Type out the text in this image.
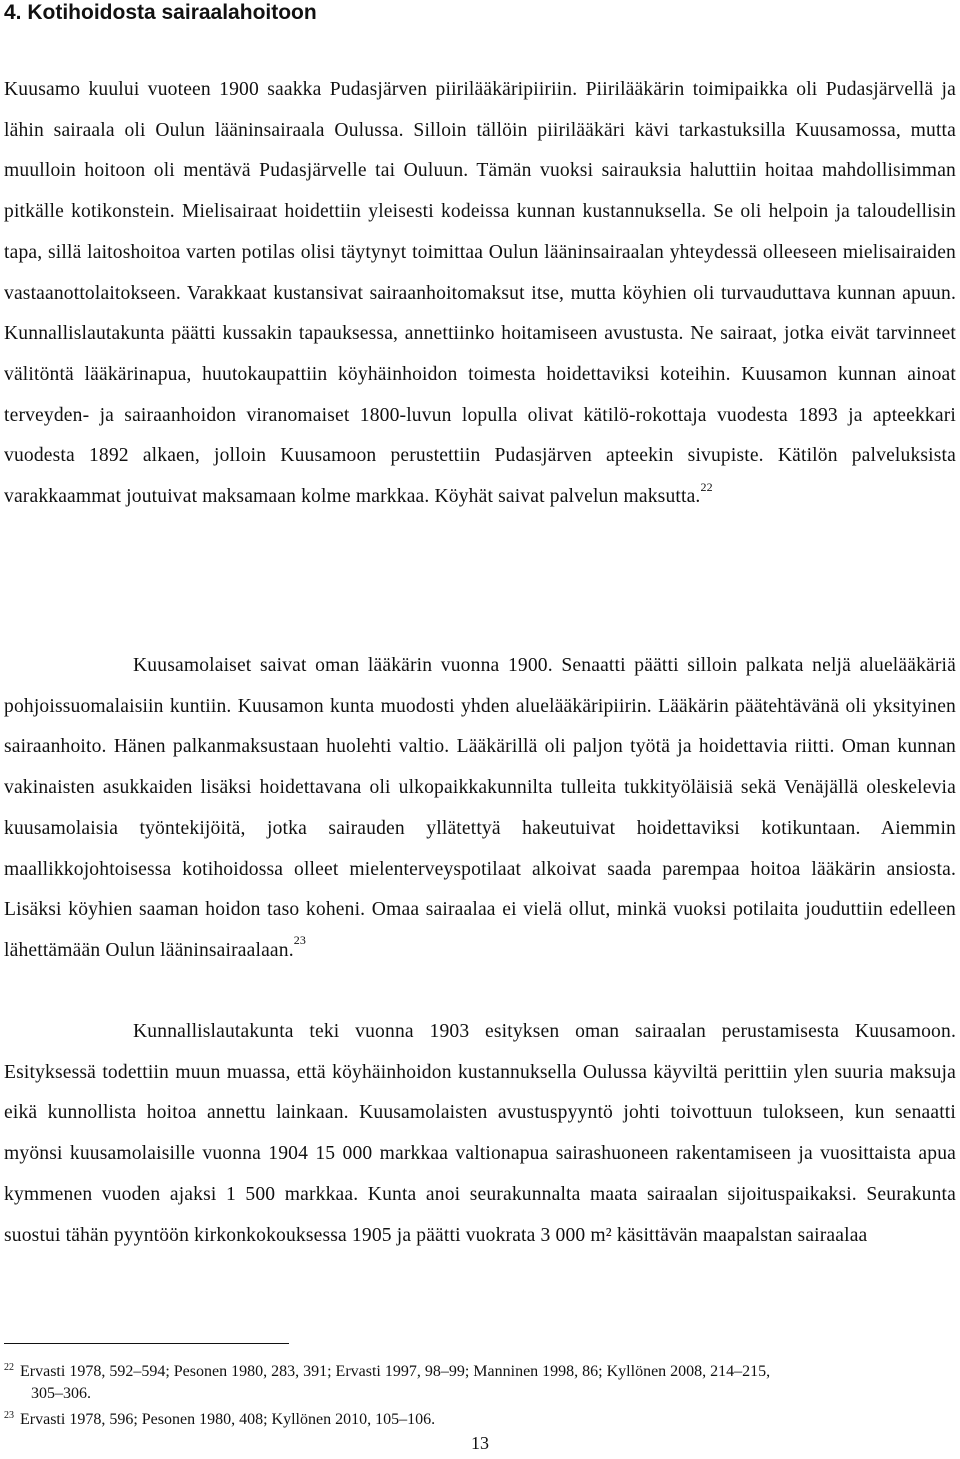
4. Kotihoidosta sairaalahoitoon

Kuusamo kuului vuoteen 1900 saakka Pudasjärven piirilääkäripiiriin. Piirilääkärin toimipaikka oli Pudasjärvellä ja lähin sairaala oli Oulun lääninsairaala Oulussa. Silloin tällöin piirilääkäri kävi tarkastuksilla Kuusamossa, mutta muulloin hoitoon oli mentävä Pudasjärvelle tai Ouluun. Tämän vuoksi sairauksia haluttiin hoitaa mahdollisimman pitkälle kotikonstein. Mielisairaat hoidettiin yleisesti kodeissa kunnan kustannuksella. Se oli helpoin ja taloudellisin tapa, sillä laitoshoitoa varten potilas olisi täytynyt toimittaa Oulun lääninsairaalan yhteydessä olleeseen mielisairaiden vastaanottolaitokseen. Varakkaat kustansivat sairaanhoitomaksut itse, mutta köyhien oli turvauduttava kunnan apuun. Kunnallislautakunta päätti kussakin tapauksessa, annettiinko hoitamiseen avustusta. Ne sairaat, jotka eivät tarvinneet välitöntä lääkärinapua, huutokaupattiin köyhäinhoidon toimesta hoidettaviksi koteihin. Kuusamon kunnan ainoat terveyden- ja sairaanhoidon viranomaiset 1800-luvun lopulla olivat kätilö-rokottaja vuodesta 1893 ja apteekkari vuodesta 1892 alkaen, jolloin Kuusamoon perustettiin Pudasjärven apteekin sivupiste. Kätilön palveluksista varakkaammat joutuivat maksamaan kolme markkaa. Köyhät saivat palvelun maksutta.$^{22}$

Kuusamolaiset saivat oman lääkärin vuonna 1900. Senaatti päätti silloin palkata neljä aluelääkäriä pohjoissuomalaisiin kuntiin. Kuusamon kunta muodosti yhden aluelääkäripiirin. Lääkärin päätehtävänä oli yksityinen sairaanhoito. Hänen palkanmaksustaan huolehti valtio. Lääkärillä oli paljon työtä ja hoidettavia riitti. Oman kunnan vakinaisten asukkaiden lisäksi hoidettavana oli ulkopaikkakunnilta tulleita tukkityöläisiä sekä Venäjällä oleskelevia kuusamolaisia työntekijöitä, jotka sairauden yllätettyä hakeutuivat hoidettaviksi kotikuntaan. Aiemmin maallikkojohtoisessa kotihoidossa olleet mielenterveyspotilaat alkoivat saada parempaa hoitoa lääkärin ansiosta. Lisäksi köyhien saaman hoidon taso koheni. Omaa sairaalaa ei vielä ollut, minkä vuoksi potilaita jouduttiin edelleen lähettämään Oulun lääninsairaalaan.$^{23}$

Kunnallislautakunta teki vuonna 1903 esityksen oman sairaalan perustamisesta Kuusamoon. Esityksessä todettiin muun muassa, että köyhäinhoidon kustannuksella Oulussa käyviltä perittiin ylen suuria maksuja eikä kunnollista hoitoa annettu lainkaan. Kuusamolaisten avustuspyyntö johti toivottuun tulokseen, kun senaatti myönsi kuusamolaisille vuonna 1904 15 000 markkaa valtionapua sairashuoneen rakentamiseen ja vuosittaista apua kymmenen vuoden ajaksi 1 500 markkaa. Kunta anoi seurakunnalta maata sairaalan sijoituspaikaksi. Seurakunta suostui tähän pyyntöön kirkonkokouksessa 1905 ja päätti vuokrata 3 000 m² käsittävän maapalstan sairaalaa

$^{22}$ Ervasti 1978, 592–594; Pesonen 1980, 283, 391; Ervasti 1997, 98–99; Manninen 1998, 86; Kyllönen 2008, 214–215,
305–306.
$^{23}$ Ervasti 1978, 596; Pesonen 1980, 408; Kyllönen 2010, 105–106.

13
